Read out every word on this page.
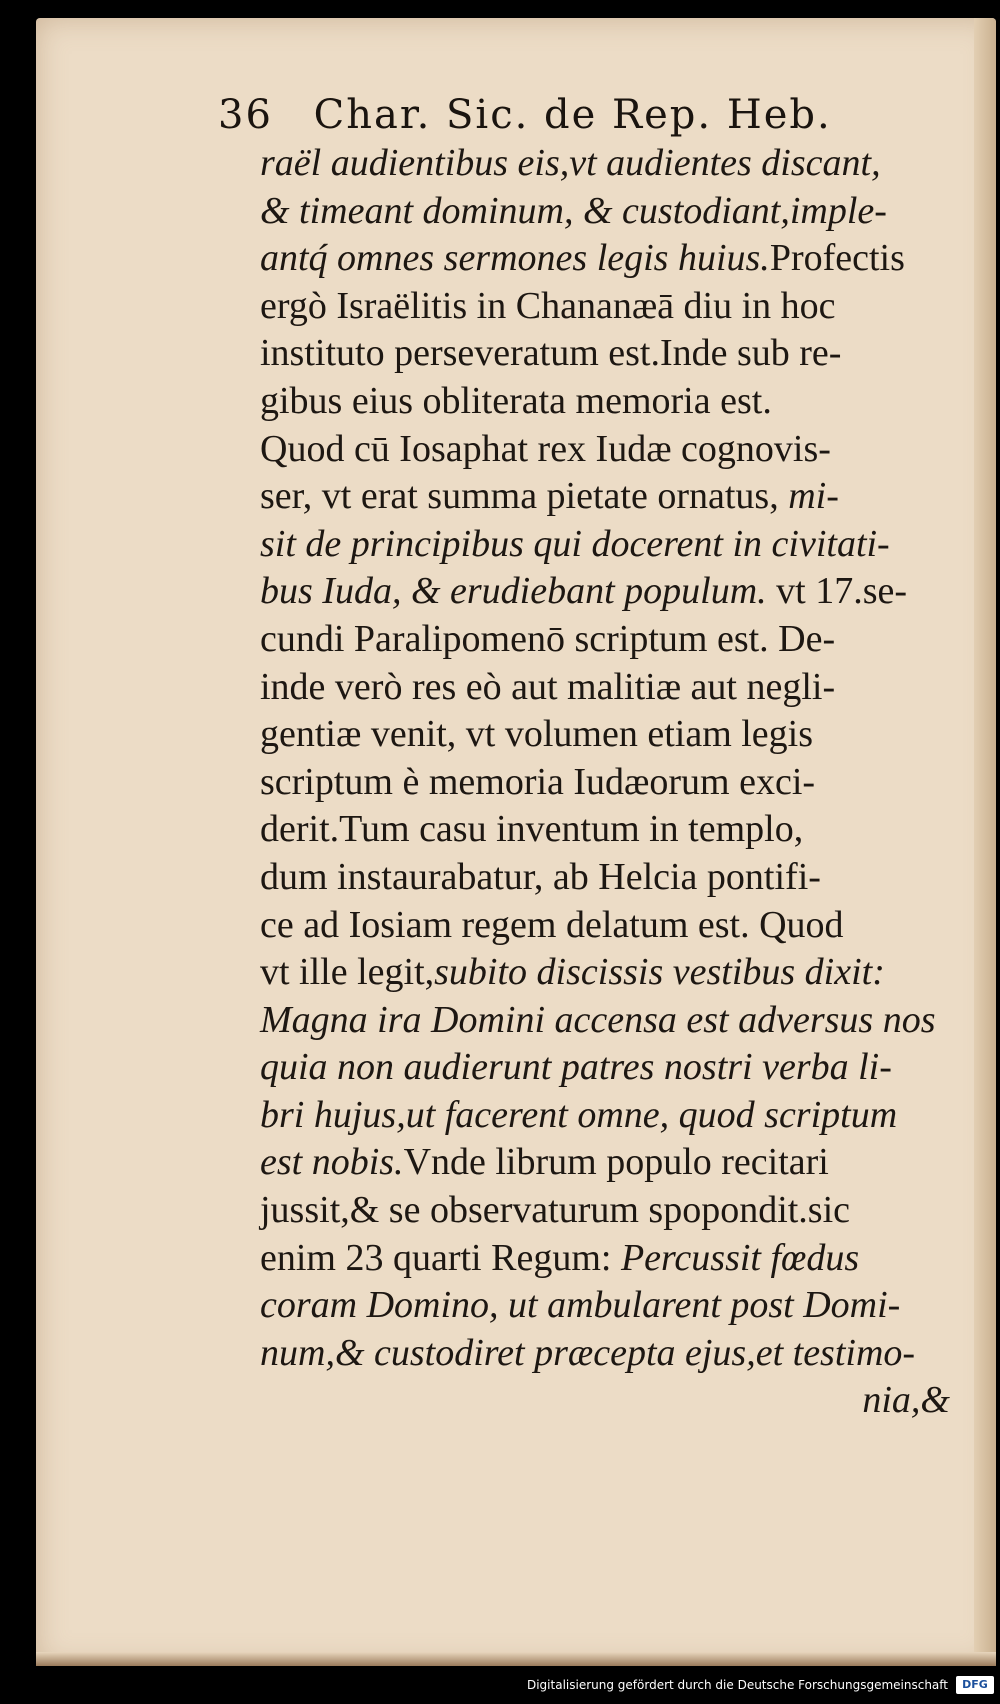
36 Char. Sic. de Rep. Heb.
raël audientibus eis,vt audientes discant,
& timeant dominum, & custodiant,imple-
antq́ omnes sermones legis huius.Profectis
ergò Israëlitis in Chananæā diu in hoc
instituto perseveratum est.Inde sub re-
gibus eius obliterata memoria est.
Quod cū Iosaphat rex Iudæ cognovis-
ser, vt erat summa pietate ornatus, mi-
sit de principibus qui docerent in civitati-
bus Iuda, & erudiebant populum. vt 17.se-
cundi Paralipomenō scriptum est. De-
inde verò res eò aut malitiæ aut negli-
gentiæ venit, vt volumen etiam legis
scriptum è memoria Iudæorum exci-
derit.Tum casu inventum in templo,
dum instaurabatur, ab Helcia pontifi-
ce ad Iosiam regem delatum est. Quod
vt ille legit,subito discissis vestibus dixit:
Magna ira Domini accensa est adversus nos
quia non audierunt patres nostri verba li-
bri hujus,ut facerent omne, quod scriptum
est nobis.Vnde librum populo recitari
jussit,& se observaturum spopondit.sic
enim 23 quarti Regum: Percussit fœdus
coram Domino, ut ambularent post Domi-
num,& custodiret præcepta ejus,et testimo-
nia,&
Digitalisierung gefördert durch die Deutsche Forschungsgemeinschaft	DFG
